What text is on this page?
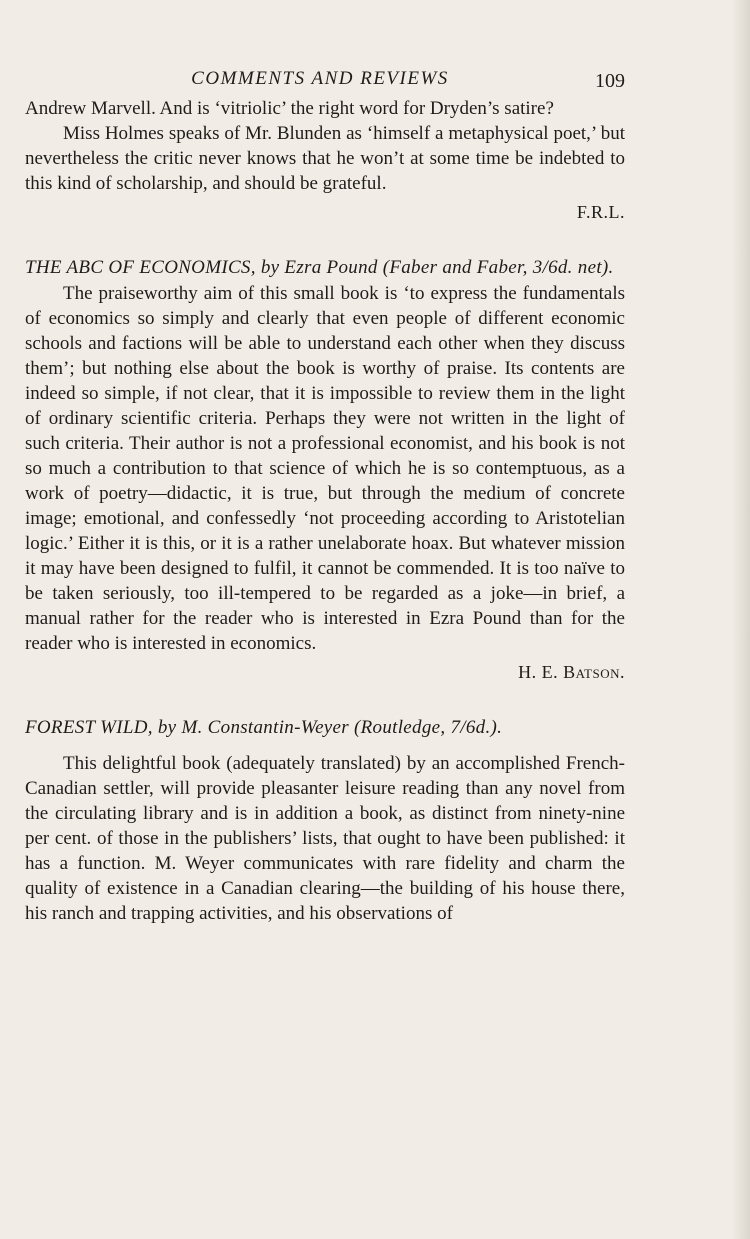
COMMENTS AND REVIEWS	109

Andrew Marvell. And is ‘vitriolic’ the right word for Dryden’s satire?

Miss Holmes speaks of Mr. Blunden as ‘himself a metaphysical poet,’ but nevertheless the critic never knows that he won’t at some time be indebted to this kind of scholarship, and should be grateful.

F.R.L.

THE ABC OF ECONOMICS, by Ezra Pound (Faber and Faber, 3/6d. net).

The praiseworthy aim of this small book is ‘to express the fundamentals of economics so simply and clearly that even people of different economic schools and factions will be able to understand each other when they discuss them’; but nothing else about the book is worthy of praise. Its contents are indeed so simple, if not clear, that it is impossible to review them in the light of ordinary scientific criteria. Perhaps they were not written in the light of such criteria. Their author is not a professional economist, and his book is not so much a contribution to that science of which he is so contemptuous, as a work of poetry—didactic, it is true, but through the medium of concrete image; emotional, and confessedly ‘not proceeding according to Aristotelian logic.’ Either it is this, or it is a rather unelaborate hoax. But whatever mission it may have been designed to fulfil, it cannot be commended. It is too naïve to be taken seriously, too ill-tempered to be regarded as a joke—in brief, a manual rather for the reader who is interested in Ezra Pound than for the reader who is interested in economics.

H. E. Batson.

FOREST WILD, by M. Constantin-Weyer (Routledge, 7/6d.).

This delightful book (adequately translated) by an accomplished French-Canadian settler, will provide pleasanter leisure reading than any novel from the circulating library and is in addition a book, as distinct from ninety-nine per cent. of those in the publishers’ lists, that ought to have been published: it has a function. M. Weyer communicates with rare fidelity and charm the quality of existence in a Canadian clearing—the building of his house there, his ranch and trapping activities, and his observations of
